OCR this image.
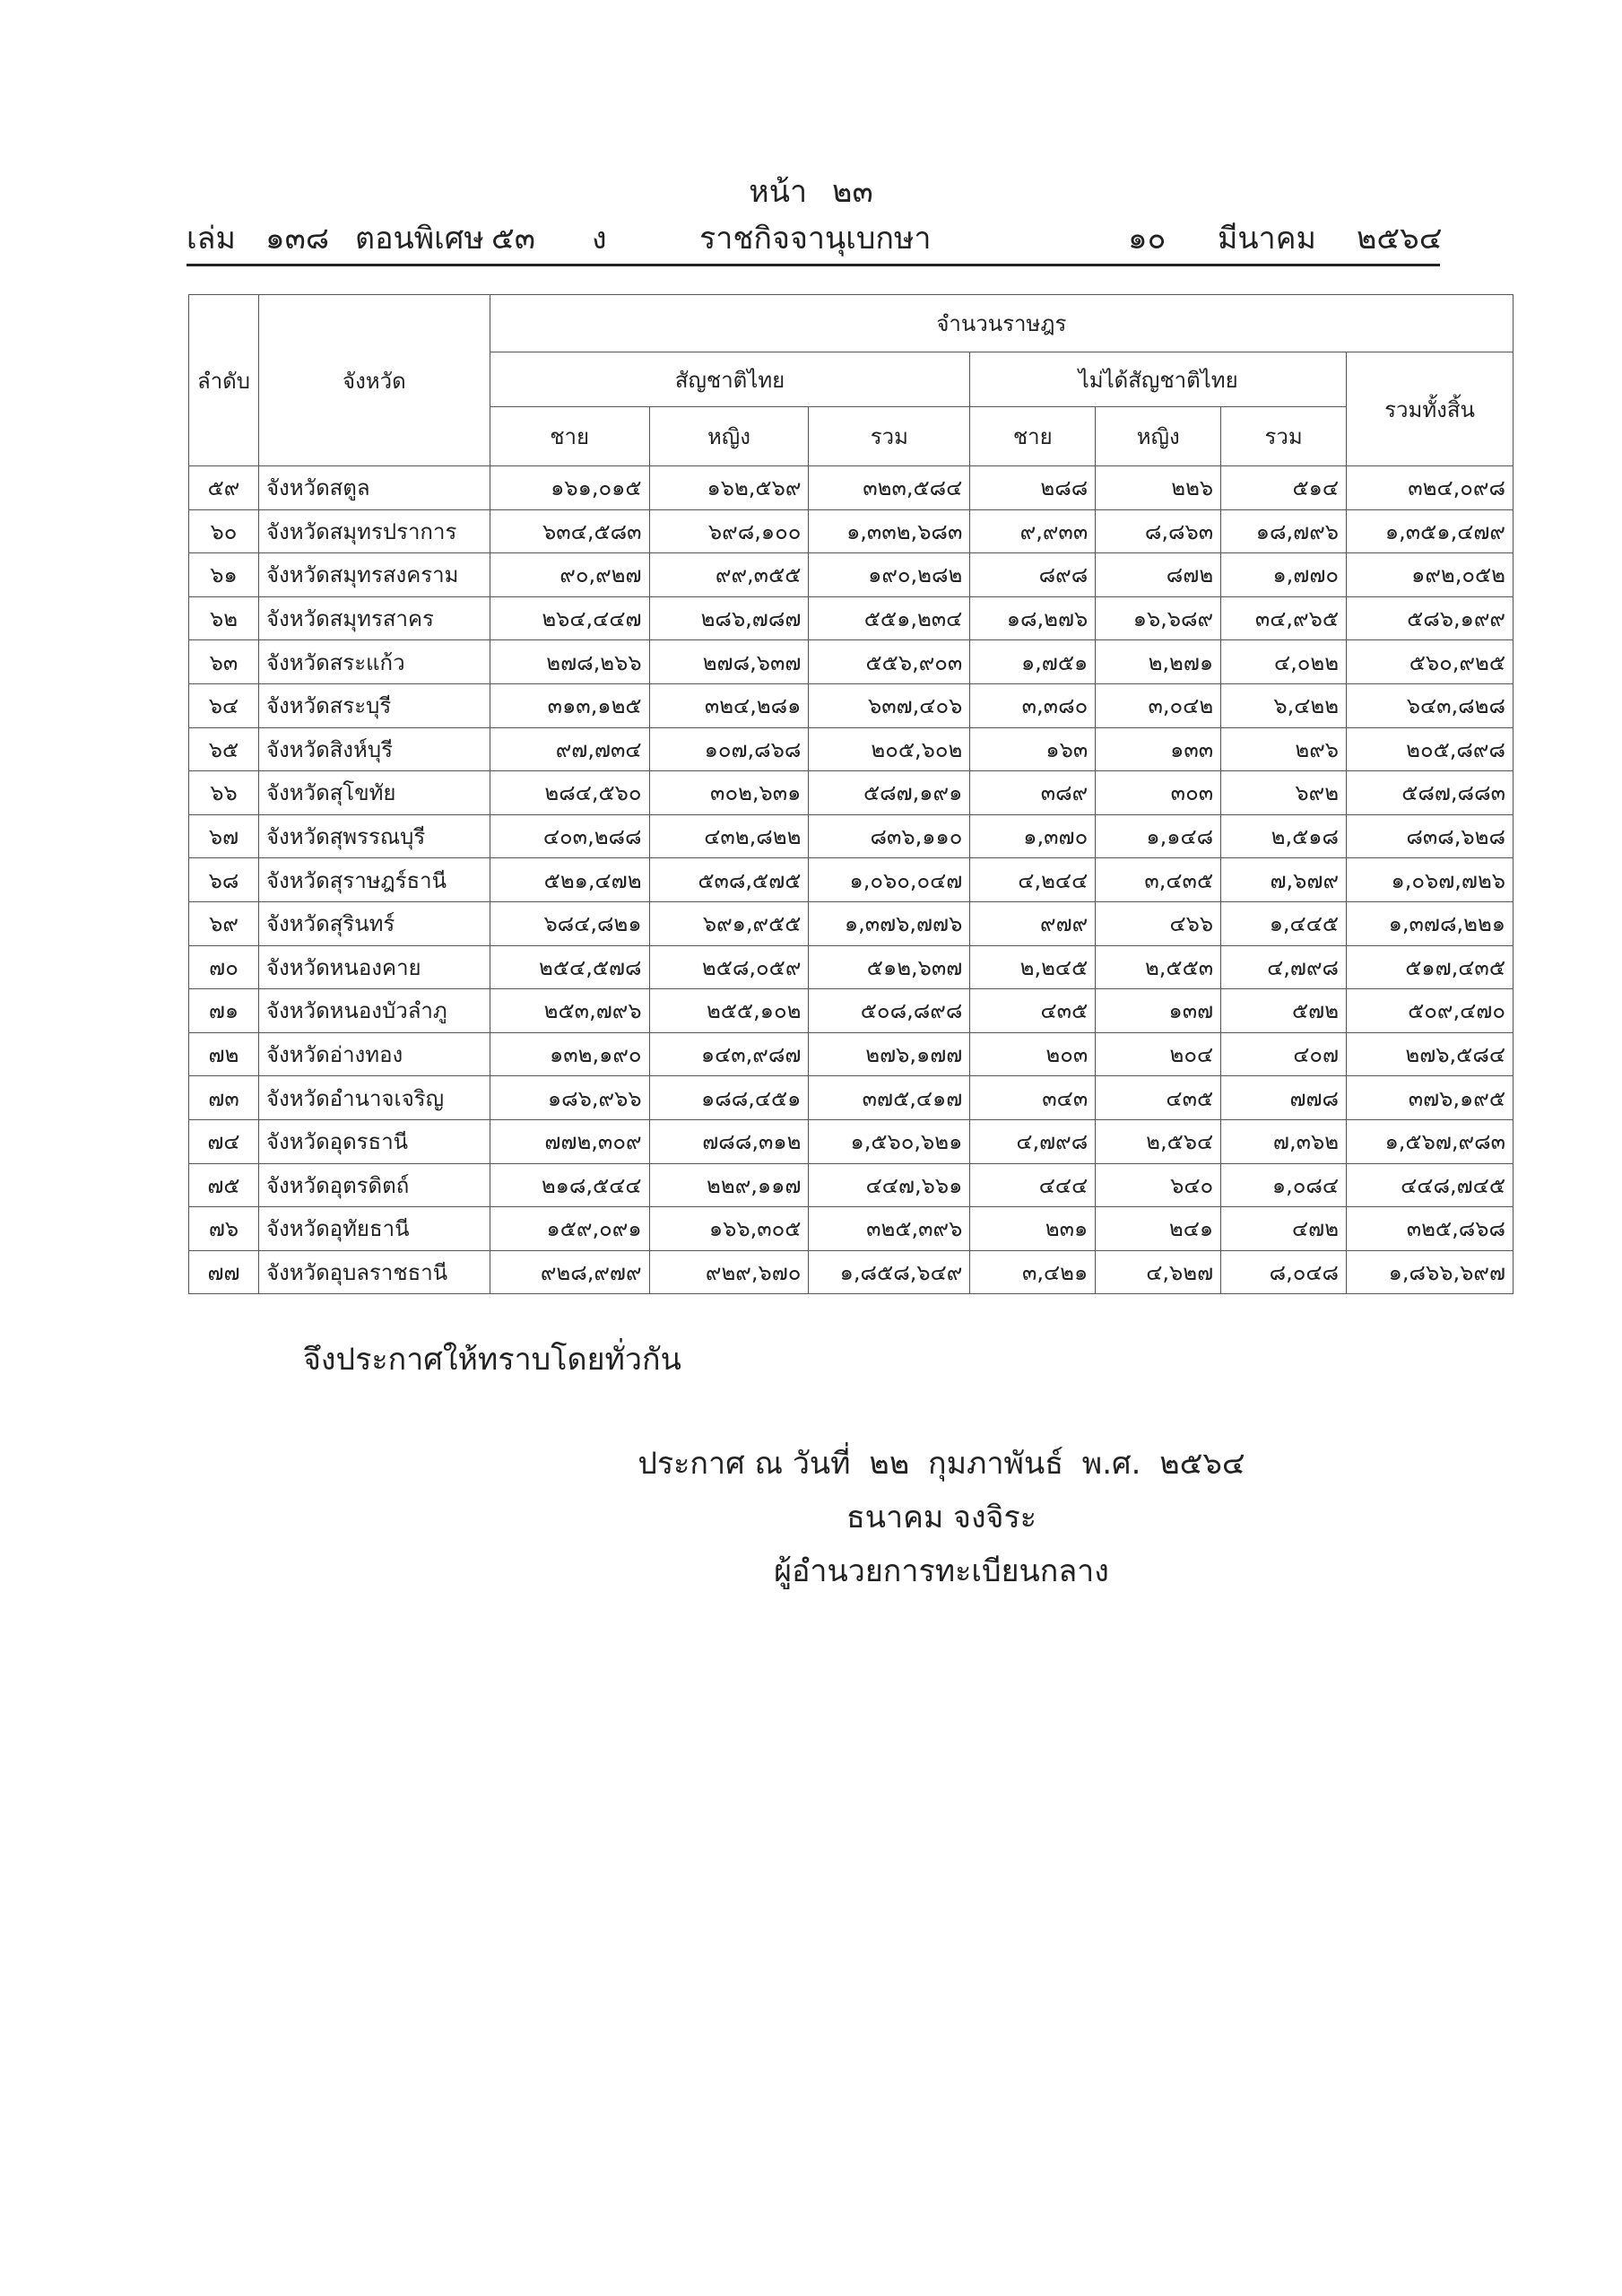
หน้า ๒๓
เล่ม ๑๓๘ ตอนพิเศษ ๕๓ ง	ราชกิจจานุเบกษา	๑๐ มีนาคม ๒๕๖๔
ลำดับ	จังหวัด	จำนวนราษฎร						
		สัญชาติไทย			ไม่ได้สัญชาติไทย			รวมทั้งสิ้น
		ชาย	หญิง	รวม	ชาย	หญิง	รวม	
๕๙	จังหวัดสตูล	๑๖๑,๐๑๕	๑๖๒,๕๖๙	๓๒๓,๕๘๔	๒๘๘	๒๒๖	๕๑๔	๓๒๔,๐๙๘
๖๐	จังหวัดสมุทรปราการ	๖๓๔,๕๘๓	๖๙๘,๑๐๐	๑,๓๓๒,๖๘๓	๙,๙๓๓	๘,๘๖๓	๑๘,๗๙๖	๑,๓๕๑,๔๗๙
๖๑	จังหวัดสมุทรสงคราม	๙๐,๙๒๗	๙๙,๓๕๕	๑๙๐,๒๘๒	๘๙๘	๘๗๒	๑,๗๗๐	๑๙๒,๐๕๒
๖๒	จังหวัดสมุทรสาคร	๒๖๔,๔๔๗	๒๘๖,๗๘๗	๕๕๑,๒๓๔	๑๘,๒๗๖	๑๖,๖๘๙	๓๔,๙๖๕	๕๘๖,๑๙๙
๖๓	จังหวัดสระแก้ว	๒๗๘,๒๖๖	๒๗๘,๖๓๗	๕๕๖,๙๐๓	๑,๗๕๑	๒,๒๗๑	๔,๐๒๒	๕๖๐,๙๒๕
๖๔	จังหวัดสระบุรี	๓๑๓,๑๒๕	๓๒๔,๒๘๑	๖๓๗,๔๐๖	๓,๓๘๐	๓,๐๔๒	๖,๔๒๒	๖๔๓,๘๒๘
๖๕	จังหวัดสิงห์บุรี	๙๗,๗๓๔	๑๐๗,๘๖๘	๒๐๕,๖๐๒	๑๖๓	๑๓๓	๒๙๖	๒๐๕,๘๙๘
๖๖	จังหวัดสุโขทัย	๒๘๔,๕๖๐	๓๐๒,๖๓๑	๕๘๗,๑๙๑	๓๘๙	๓๐๓	๖๙๒	๕๘๗,๘๘๓
๖๗	จังหวัดสุพรรณบุรี	๔๐๓,๒๘๘	๔๓๒,๘๒๒	๘๓๖,๑๑๐	๑,๓๗๐	๑,๑๔๘	๒,๕๑๘	๘๓๘,๖๒๘
๖๘	จังหวัดสุราษฎร์ธานี	๕๒๑,๔๗๒	๕๓๘,๕๗๕	๑,๐๖๐,๐๔๗	๔,๒๔๔	๓,๔๓๕	๗,๖๗๙	๑,๐๖๗,๗๒๖
๖๙	จังหวัดสุรินทร์	๖๘๔,๘๒๑	๖๙๑,๙๕๕	๑,๓๗๖,๗๗๖	๙๗๙	๔๖๖	๑,๔๔๕	๑,๓๗๘,๒๒๑
๗๐	จังหวัดหนองคาย	๒๕๔,๕๗๘	๒๕๘,๐๕๙	๕๑๒,๖๓๗	๒,๒๔๕	๒,๕๕๓	๔,๗๙๘	๕๑๗,๔๓๕
๗๑	จังหวัดหนองบัวลำภู	๒๕๓,๗๙๖	๒๕๕,๑๐๒	๕๐๘,๘๙๘	๔๓๕	๑๓๗	๕๗๒	๕๐๙,๔๗๐
๗๒	จังหวัดอ่างทอง	๑๓๒,๑๙๐	๑๔๓,๙๘๗	๒๗๖,๑๗๗	๒๐๓	๒๐๔	๔๐๗	๒๗๖,๕๘๔
๗๓	จังหวัดอำนาจเจริญ	๑๘๖,๙๖๖	๑๘๘,๔๕๑	๓๗๕,๔๑๗	๓๔๓	๔๓๕	๗๗๘	๓๗๖,๑๙๕
๗๔	จังหวัดอุดรธานี	๗๗๒,๓๐๙	๗๘๘,๓๑๒	๑,๕๖๐,๖๒๑	๔,๗๙๘	๒,๕๖๔	๗,๓๖๒	๑,๕๖๗,๙๘๓
๗๕	จังหวัดอุตรดิตถ์	๒๑๘,๕๔๔	๒๒๙,๑๑๗	๔๔๗,๖๖๑	๔๔๔	๖๔๐	๑,๐๘๔	๔๔๘,๗๔๕
๗๖	จังหวัดอุทัยธานี	๑๕๙,๐๙๑	๑๖๖,๓๐๕	๓๒๕,๓๙๖	๒๓๑	๒๔๑	๔๗๒	๓๒๕,๘๖๘
๗๗	จังหวัดอุบลราชธานี	๙๒๘,๙๗๙	๙๒๙,๖๗๐	๑,๘๕๘,๖๔๙	๓,๔๒๑	๔,๖๒๗	๘,๐๔๘	๑,๘๖๖,๖๙๗
จึงประกาศให้ทราบโดยทั่วกัน
ประกาศ ณ วันที่ ๒๒ กุมภาพันธ์ พ.ศ. ๒๕๖๔
ธนาคม จงจิระ
ผู้อำนวยการทะเบียนกลาง
